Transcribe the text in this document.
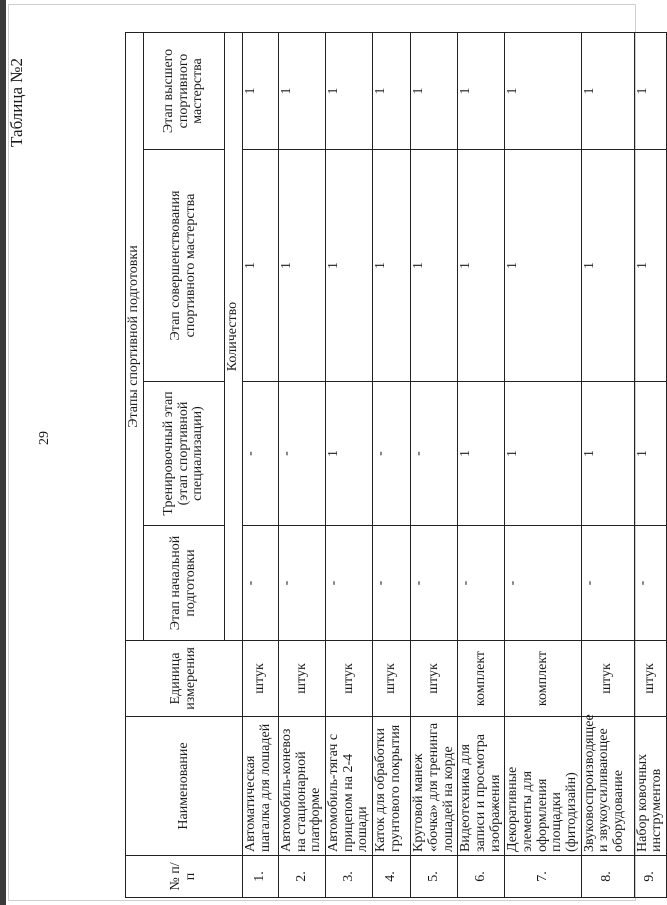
Таблица №2
29
№ п/п	Наименование	Единица измерения	Этапы спортивной подготовки			
			Этап начальной подготовки	Тренировочный этап (этап спортивной специализации)	Этап совершенствования спортивного мастерства	Этап высшего спортивного мастерства
			Количество			
1.	Автоматическая шагалка для лошадей	штук	-	-	1	1
2.	Автомобиль-коневоз на стационарной платформе	штук	-	-	1	1
3.	Автомобиль-тягач с прицепом на 2-4 лошади	штук	-	1	1	1
4.	Каток для обработки грунтового покрытия	штук	-	-	1	1
5.	Круговой манеж «бочка» для тренинга лошадей на корде	штук	-	-	1	1
6.	Видеотехника для записи и просмотра изображения	комплект	-	1	1	1
7.	Декоративные элементы для оформления площадки (фитодизайн)	комплект	-	1	1	1
8.	Звуковоспроизводящее и звукоусиливающее оборудование	штук	-	1	1	1
9.	Набор ковочных инструментов	штук	-	1	1	1
